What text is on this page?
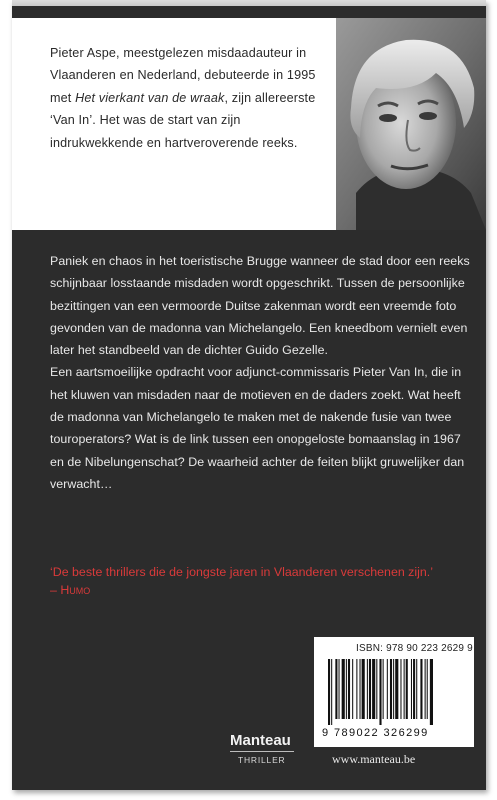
Pieter Aspe, meestgelezen misdaadauteur in Vlaanderen en Nederland, debuteerde in 1995 met Het vierkant van de wraak, zijn allereerste ‘Van In’. Het was de start van zijn indrukwekkende en hartveroverende reeks.

Paniek en chaos in het toeristische Brugge wanneer de stad door een reeks schijnbaar losstaande misdaden wordt opgeschrikt. Tussen de persoonlijke bezittingen van een vermoorde Duitse zakenman wordt een vreemde foto gevonden van de madonna van Michelangelo. Een kneedbom vernielt even later het standbeeld van de dichter Guido Gezelle.

Een aartsmoeilijke opdracht voor adjunct-commissaris Pieter Van In, die in het kluwen van misdaden naar de motieven en de daders zoekt. Wat heeft de madonna van Michelangelo te maken met de nakende fusie van twee touroperators? Wat is de link tussen een onopgeloste bomaanslag in 1967 en de Nibelungenschat? De waarheid achter de feiten blijkt gruwelijker dan verwacht…

‘De beste thrillers die de jongste jaren in Vlaanderen verschenen zijn.’
– Humo
ISBN: 978 90 223 2629 9
9 789022 326299
Manteau
THRILLER	www.manteau.be
